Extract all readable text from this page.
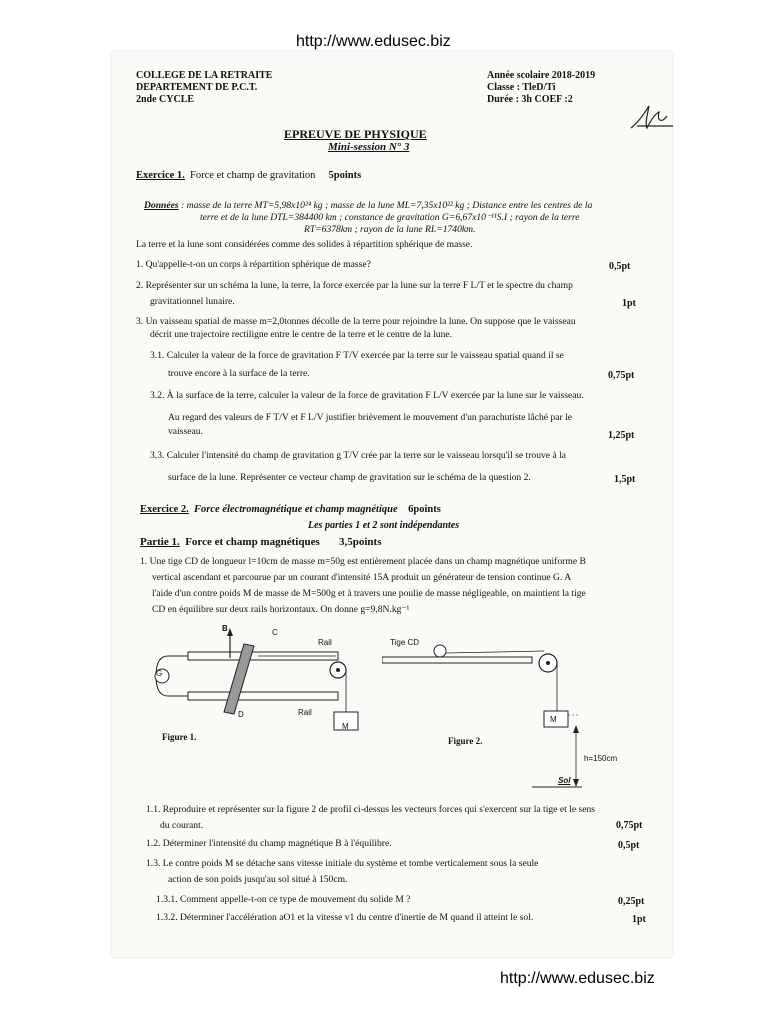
http://www.edusec.biz
COLLEGE DE LA RETRAITE
DEPARTEMENT DE P.C.T.
2nde CYCLE
Année scolaire 2018-2019
Classe : TleD/Ti
Durée : 3h COEF :2
EPREUVE DE PHYSIQUE
Mini-session N° 3
Exercice 1. Force et champ de gravitation 5points
Données : masse de la terre MT=5,98x10²⁴ kg ; masse de la lune ML=7,35x10²² kg ; Distance entre les centres de la
terre et de la lune DTL=384400 km ; constance de gravitation G=6,67x10⁻¹¹S.I ; rayon de la terre
RT=6378km ; rayon de la lune RL=1740km.
La terre et la lune sont considérées comme des solides à répartition sphérique de masse.
1. Qu'appelle-t-on un corps à répartition sphérique de masse?	0,5pt
2. Représenter sur un schéma la lune, la terre, la force exercée par la lune sur la terre F L/T et le spectre du champ
gravitationnel lunaire.	1pt
3. Un vaisseau spatial de masse m=2,0tonnes décolle de la terre pour rejoindre la lune. On suppose que le vaisseau
décrit une trajectoire rectiligne entre le centre de la terre et le centre de la lune.
3.1. Calculer la valeur de la force de gravitation F T/V exercée par la terre sur le vaisseau spatial quand il se
trouve encore à la surface de la terre.	0,75pt
3.2. À la surface de la terre, calculer la valeur de la force de gravitation F L/V exercée par la lune sur le vaisseau.
Au regard des valeurs de F T/V et F L/V justifier brièvement le mouvement d'un parachutiste lâché par le
vaisseau.	1,25pt
3.3. Calculer l'intensité du champ de gravitation g T/V crée par la terre sur le vaisseau lorsqu'il se trouve à la
surface de la lune. Représenter ce vecteur champ de gravitation sur le schéma de la question 2.	1,5pt
Exercice 2. Force électromagnétique et champ magnétique 6points
Les parties 1 et 2 sont indépendantes
Partie 1. Force et champ magnétiques 3,5points
1. Une tige CD de longueur l=10cm de masse m=50g est entièrement placée dans un champ magnétique uniforme B
vertical ascendant et parcourue par un courant d'intensité 15A produit un générateur de tension continue G. A
l'aide d'un contre poids M de masse de M=500g et à travers une poulie de masse négligeable, on maintient la tige
CD en équilibre sur deux rails horizontaux. On donne g=9,8N.kg⁻¹
G
B	C
Rail
D	Rail
M
Figure 1.
Tige CD
M
h=150cm
Sol
Figure 2.
1.1. Reproduire et représenter sur la figure 2 de profil ci-dessus les vecteurs forces qui s'exercent sur la tige et le sens
du courant.	0,75pt
1.2. Déterminer l'intensité du champ magnétique B à l'équilibre.	0,5pt
1.3. Le contre poids M se détache sans vitesse initiale du système et tombe verticalement sous la seule
action de son poids jusqu'au sol situé à 150cm.
1.3.1. Comment appelle-t-on ce type de mouvement du solide M ?	0,25pt
1.3.2. Déterminer l'accélération aO1 et la vitesse v1 du centre d'inertie de M quand il atteint le sol.	1pt
http://www.edusec.biz
